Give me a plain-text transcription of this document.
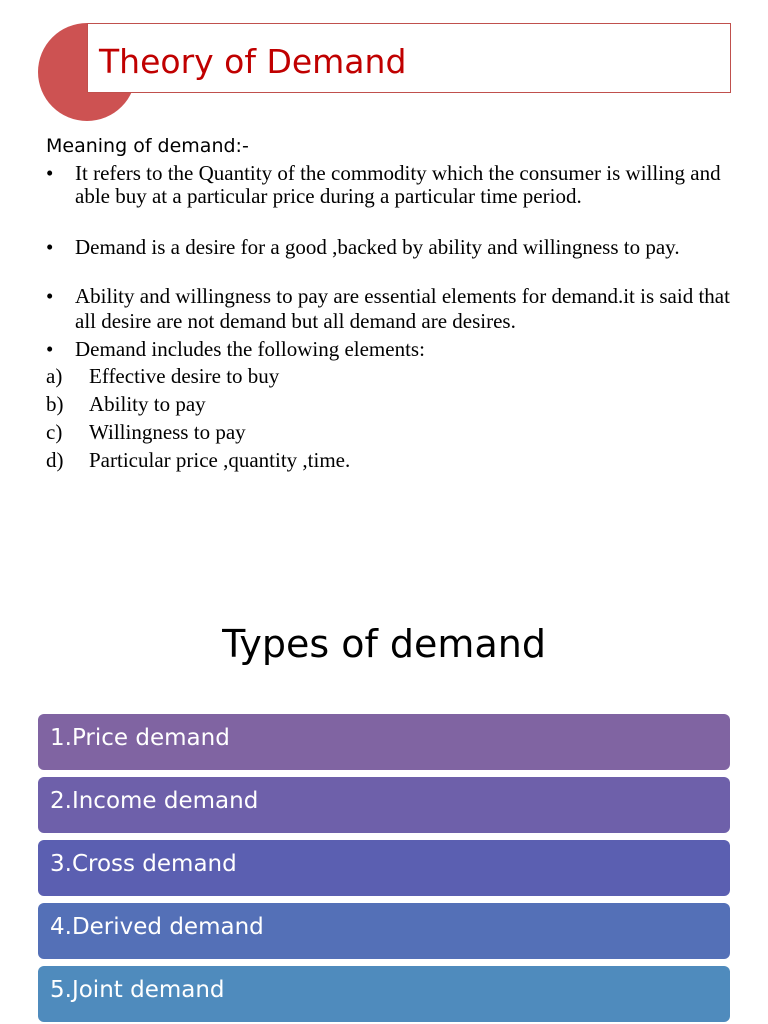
Theory of Demand
Meaning of demand:-
• It refers to the Quantity of the commodity which the consumer is willing and able buy at a particular price during a particular time period.
• Demand is a desire for a good ,backed by ability and willingness to pay.
• Ability and willingness to pay are essential elements for demand.it is said that all desire are not demand but all demand are desires.
• Demand includes the following elements:
a) Effective desire to buy
b) Ability to pay
c) Willingness to pay
d) Particular price ,quantity ,time.
Types of demand
1.Price demand
2.Income demand
3.Cross demand
4.Derived demand
5.Joint demand
